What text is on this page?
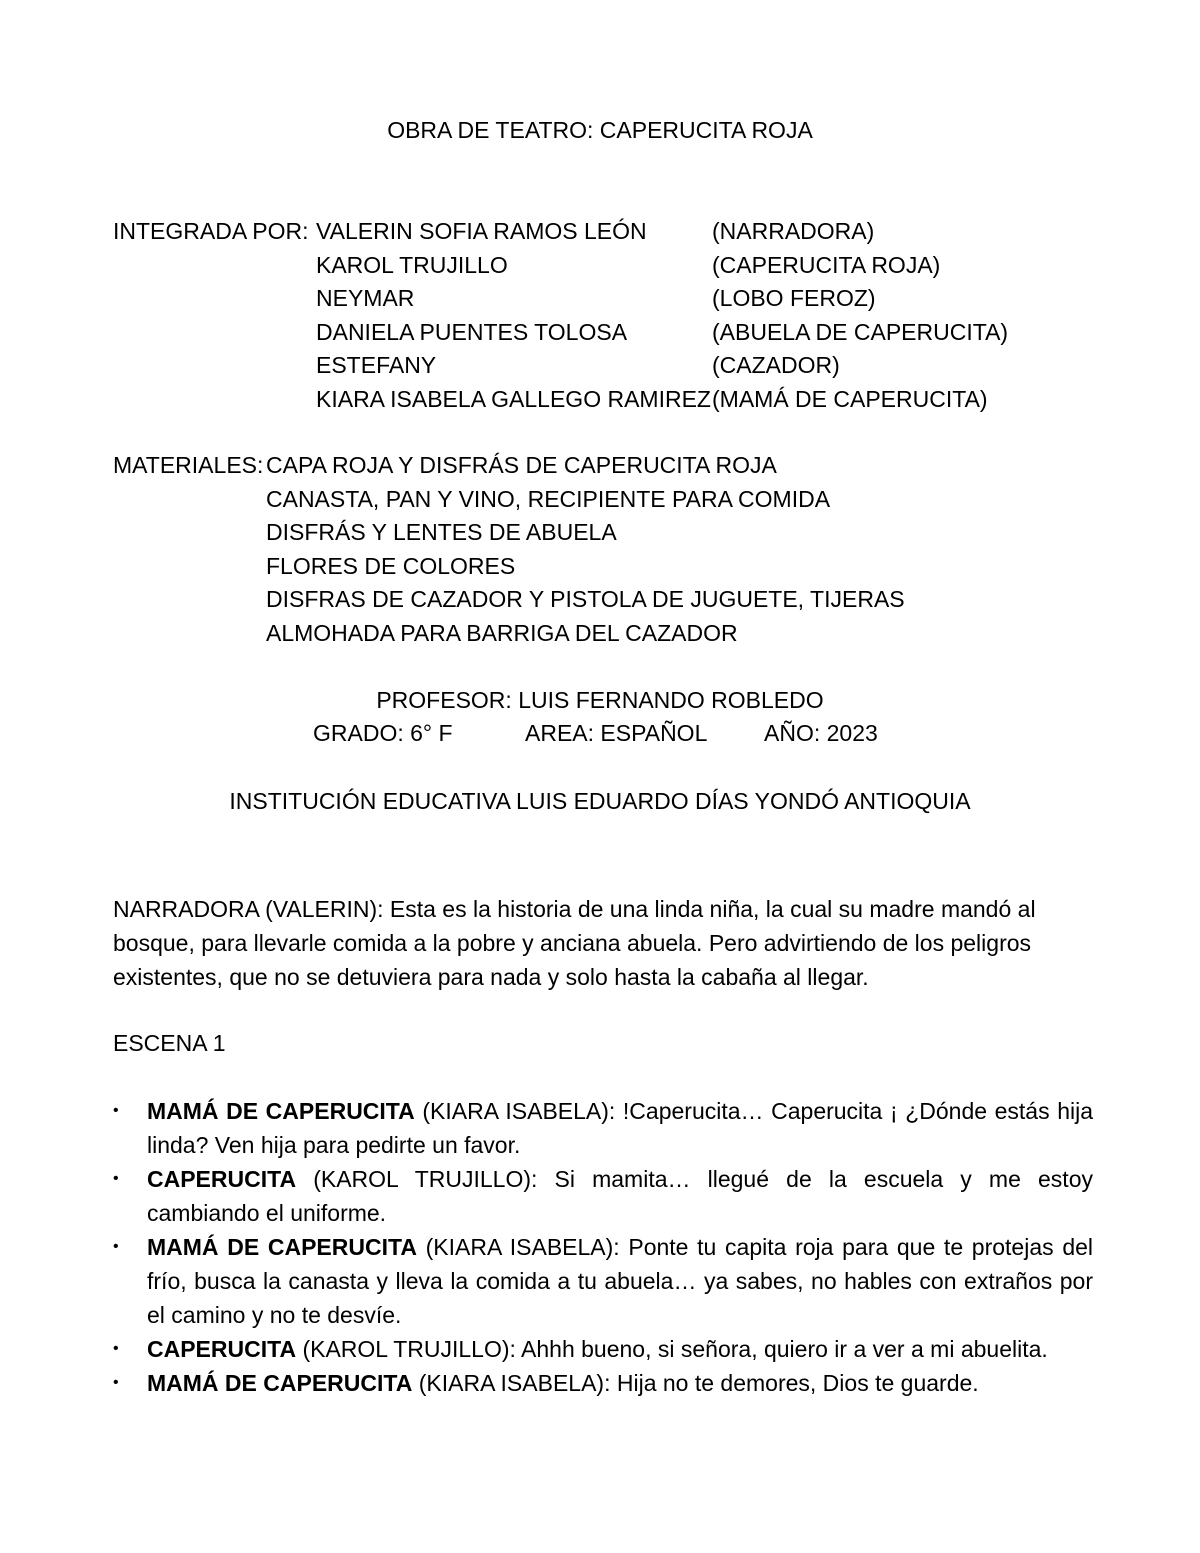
OBRA DE TEATRO: CAPERUCITA ROJA
INTEGRADA POR: VALERIN SOFIA RAMOS LEÓN	(NARRADORA)
KAROL TRUJILLO	(CAPERUCITA ROJA)
NEYMAR	(LOBO FEROZ)
DANIELA PUENTES TOLOSA	(ABUELA DE CAPERUCITA)
ESTEFANY	(CAZADOR)
KIARA ISABELA GALLEGO RAMIREZ (MAMÁ DE CAPERUCITA)
MATERIALES: CAPA ROJA Y DISFRÁS DE CAPERUCITA ROJA
CANASTA, PAN Y VINO, RECIPIENTE PARA COMIDA
DISFRÁS Y LENTES DE ABUELA
FLORES DE COLORES
DISFRAS DE CAZADOR Y PISTOLA DE JUGUETE, TIJERAS
ALMOHADA PARA BARRIGA DEL CAZADOR
PROFESOR: LUIS FERNANDO ROBLEDO
GRADO: 6° F	AREA: ESPAÑOL AÑO: 2023
INSTITUCIÓN EDUCATIVA LUIS EDUARDO DÍAS YONDÓ ANTIOQUIA
NARRADORA (VALERIN): Esta es la historia de una linda niña, la cual su madre mandó al bosque, para llevarle comida a la pobre y anciana abuela. Pero advirtiendo de los peligros existentes, que no se detuviera para nada y solo hasta la cabaña al llegar.
ESCENA 1
•	MAMÁ DE CAPERUCITA (KIARA ISABELA): !Caperucita… Caperucita ¡ ¿Dónde estás hija linda? Ven hija para pedirte un favor.
•	CAPERUCITA (KAROL TRUJILLO): Si mamita… llegué de la escuela y me estoy cambiando el uniforme.
•	MAMÁ DE CAPERUCITA (KIARA ISABELA): Ponte tu capita roja para que te protejas del frío, busca la canasta y lleva la comida a tu abuela… ya sabes, no hables con extraños por el camino y no te desvíe.
•	CAPERUCITA (KAROL TRUJILLO): Ahhh bueno, si señora, quiero ir a ver a mi abuelita.
•	MAMÁ DE CAPERUCITA (KIARA ISABELA): Hija no te demores, Dios te guarde.
